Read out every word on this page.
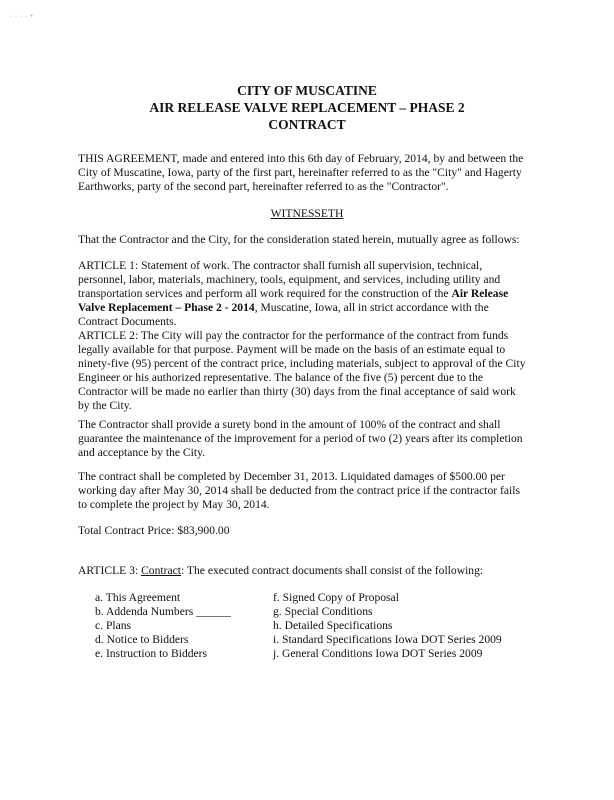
·  ·  ·  ·  +
CITY OF MUSCATINE
AIR RELEASE VALVE REPLACEMENT – PHASE 2
CONTRACT
THIS AGREEMENT, made and entered into this 6th day of February, 2014, by and between the
City of Muscatine, Iowa, party of the first part, hereinafter referred to as the "City" and Hagerty
Earthworks, party of the second part, hereinafter referred to as the "Contractor".
WITNESSETH
That the Contractor and the City, for the consideration stated herein, mutually agree as follows:
ARTICLE 1: Statement of work. The contractor shall furnish all supervision, technical,
personnel, labor, materials, machinery, tools, equipment, and services, including utility and
transportation services and perform all work required for the construction of the Air Release
Valve Replacement – Phase 2 - 2014, Muscatine, Iowa, all in strict accordance with the
Contract Documents.
ARTICLE 2: The City will pay the contractor for the performance of the contract from funds
legally available for that purpose. Payment will be made on the basis of an estimate equal to
ninety-five (95) percent of the contract price, including materials, subject to approval of the City
Engineer or his authorized representative. The balance of the five (5) percent due to the
Contractor will be made no earlier than thirty (30) days from the final acceptance of said work
by the City.
The Contractor shall provide a surety bond in the amount of 100% of the contract and shall
guarantee the maintenance of the improvement for a period of two (2) years after its completion
and acceptance by the City.
The contract shall be completed by December 31, 2013. Liquidated damages of $500.00 per
working day after May 30, 2014 shall be deducted from the contract price if the contractor fails
to complete the project by May 30, 2014.
Total Contract Price: $83,900.00
ARTICLE 3: Contract: The executed contract documents shall consist of the following:
a. This Agreement
b. Addenda Numbers ______
c. Plans
d. Notice to Bidders
e. Instruction to Bidders
f. Signed Copy of Proposal
g. Special Conditions
h. Detailed Specifications
i. Standard Specifications Iowa DOT Series 2009
j. General Conditions Iowa DOT Series 2009
